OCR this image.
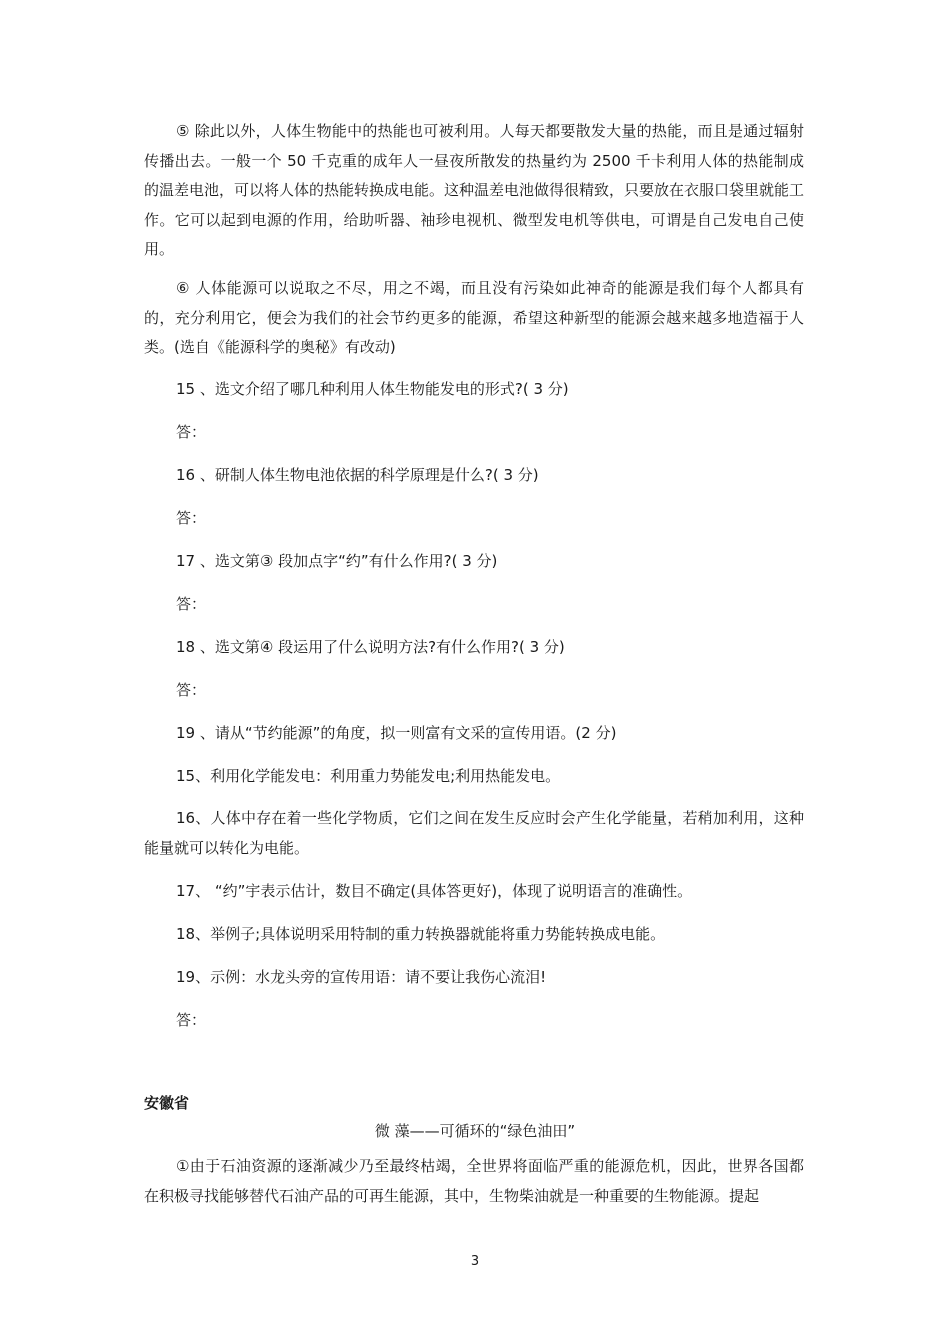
⑤ 除此以外，人体生物能中的热能也可被利用。人每天都要散发大量的热能，而且是通过辐射传播出去。一般一个 50 千克重的成年人一昼夜所散发的热量约为 2500 千卡利用人体的热能制成的温差电池，可以将人体的热能转换成电能。这种温差电池做得很精致，只要放在衣服口袋里就能工作。它可以起到电源的作用，给助听器、袖珍电视机、微型发电机等供电，可谓是自己发电自己使用。

⑥ 人体能源可以说取之不尽，用之不竭，而且没有污染如此神奇的能源是我们每个人都具有的，充分利用它，便会为我们的社会节约更多的能源，希望这种新型的能源会越来越多地造福于人类。(选自《能源科学的奥秘》有改动)

15 、选文介绍了哪几种利用人体生物能发电的形式?( 3 分)

答：

16 、研制人体生物电池依据的科学原理是什么?( 3 分)

答：

17 、选文第③ 段加点字“约”有什么作用?( 3 分)

答：

18 、选文第④ 段运用了什么说明方法?有什么作用?( 3 分)

答：

19 、请从“节约能源”的角度，拟一则富有文采的宣传用语。(2 分)

15、利用化学能发电：利用重力势能发电;利用热能发电。

16、人体中存在着一些化学物质，它们之间在发生反应时会产生化学能量，若稍加利用，这种能量就可以转化为电能。

17、 “约”宇表示估计，数目不确定(具体答更好)，体现了说明语言的准确性。

18、举例子;具体说明采用特制的重力转换器就能将重力势能转换成电能。

19、示例：水龙头旁的宣传用语：请不要让我伤心流泪!

答：

安徽省

微 藻——可循环的“绿色油田”

①由于石油资源的逐渐减少乃至最终枯竭，全世界将面临严重的能源危机，因此，世界各国都在积极寻找能够替代石油产品的可再生能源，其中，生物柴油就是一种重要的生物能源。提起

3
